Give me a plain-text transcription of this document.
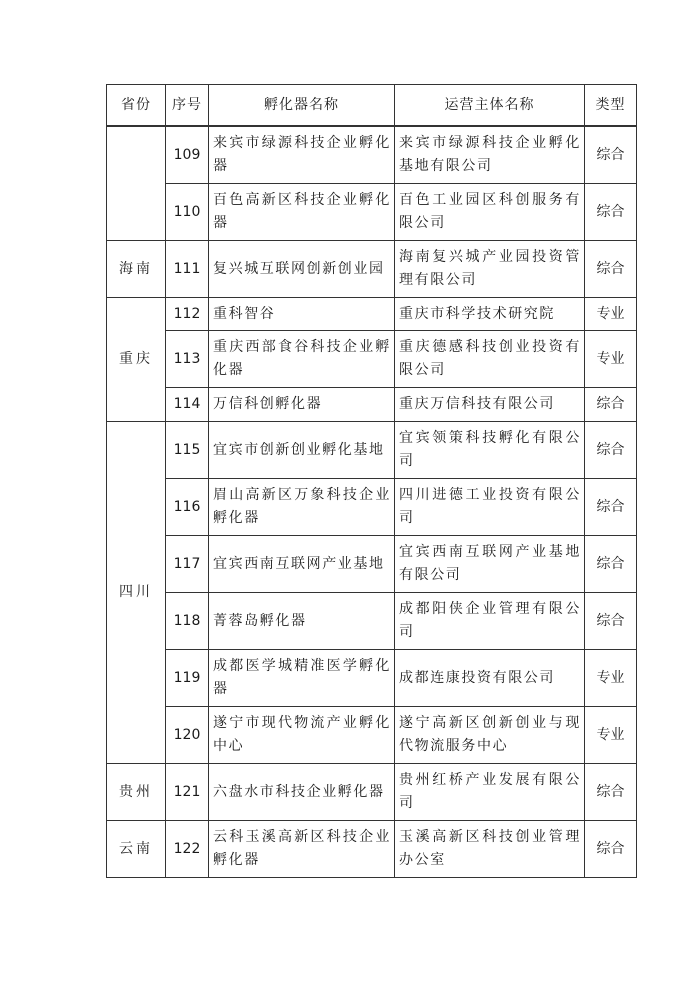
省份	序号	孵化器名称	运营主体名称	类型
	109	来宾市绿源科技企业孵化器	来宾市绿源科技企业孵化基地有限公司	综合
	110	百色高新区科技企业孵化器	百色工业园区科创服务有限公司	综合
海南	111	复兴城互联网创新创业园	海南复兴城产业园投资管理有限公司	综合
重庆	112	重科智谷	重庆市科学技术研究院	专业
	113	重庆西部食谷科技企业孵化器	重庆德感科技创业投资有限公司	专业
	114	万信科创孵化器	重庆万信科技有限公司	综合
四川	115	宜宾市创新创业孵化基地	宜宾领策科技孵化有限公司	综合
	116	眉山高新区万象科技企业孵化器	四川进德工业投资有限公司	综合
	117	宜宾西南互联网产业基地	宜宾西南互联网产业基地有限公司	综合
	118	菁蓉岛孵化器	成都阳侠企业管理有限公司	综合
	119	成都医学城精准医学孵化器	成都连康投资有限公司	专业
	120	遂宁市现代物流产业孵化中心	遂宁高新区创新创业与现代物流服务中心	专业
贵州	121	六盘水市科技企业孵化器	贵州红桥产业发展有限公司	综合
云南	122	云科玉溪高新区科技企业孵化器	玉溪高新区科技创业管理办公室	综合
